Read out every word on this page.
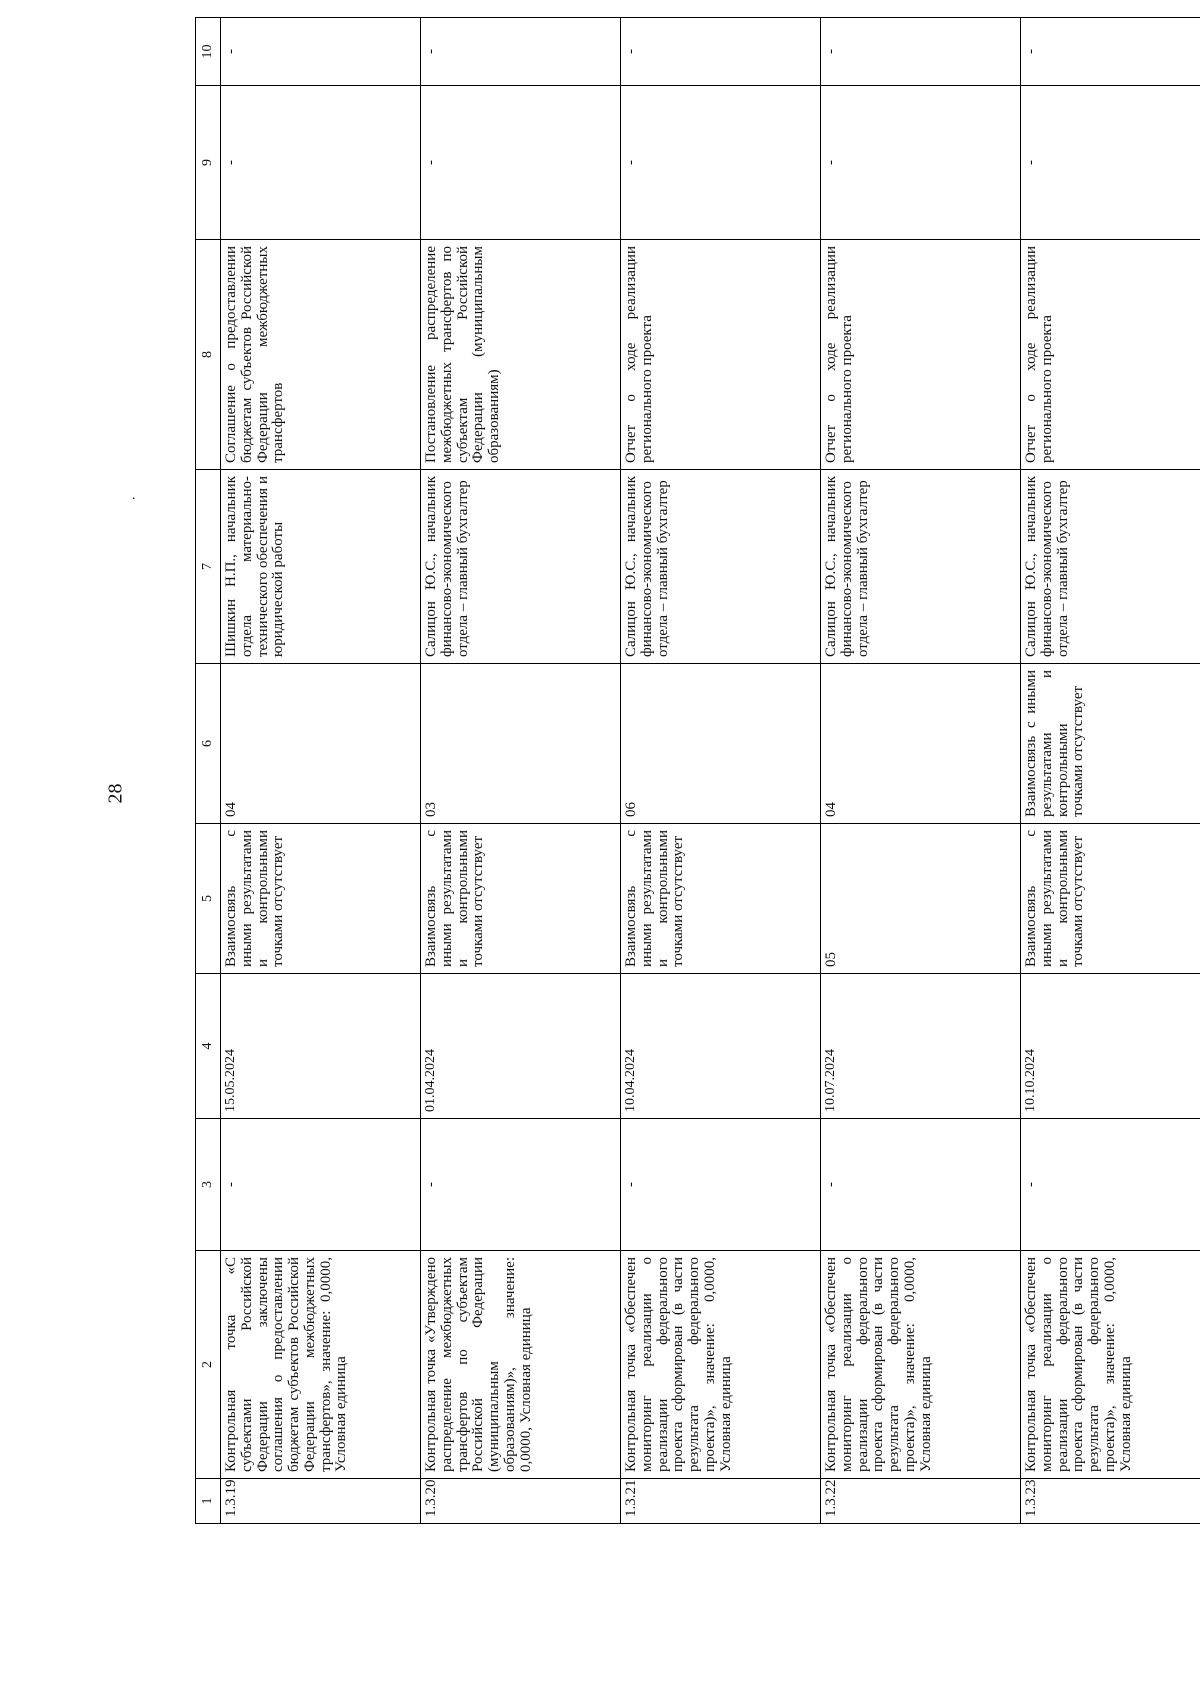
28
.
1	2	3	4	5	6	7	8	9	10
1.3.19	Контрольная точка «С субъектами Российской Федерации заключены соглашения о предоставлении бюджетам субъектов Российской Федерации межбюджетных трансфертов», значение: 0,0000, Условная единица	-	15.05.2024	Взаимосвязь с иными результатами и контрольными точками отсутствует	04	Шишкин Н.П., начальник отдела материально-технического обеспечения и юридической работы	Соглашение о предоставлении бюджетам субъектов Российской Федерации межбюджетных трансфертов	-	-
1.3.20	Контрольная точка «Утверждено распределение межбюджетных трансфертов по субъектам Российской Федерации (муниципальным образованиям)», значение: 0,0000, Условная единица	-	01.04.2024	Взаимосвязь с иными результатами и контрольными точками отсутствует	03	Салицон Ю.С., начальник финансово-экономического отдела – главный бухгалтер	Постановление распределение межбюджетных трансфертов по субъектам Российской Федерации (муниципальным образованиям)	-	-
1.3.21	Контрольная точка «Обеспечен мониторинг реализации о реализации федерального проекта сформирован (в части результата федерального проекта)», значение: 0,0000, Условная единица	-	10.04.2024	Взаимосвязь с иными результатами и контрольными точками отсутствует	06	Салицон Ю.С., начальник финансово-экономического отдела – главный бухгалтер	Отчет о ходе реализации регионального проекта	-	-
1.3.22	Контрольная точка «Обеспечен мониторинг реализации о реализации федерального проекта сформирован (в части результата федерального проекта)», значение: 0,0000, Условная единица	-	10.07.2024	05	04	Салицон Ю.С., начальник финансово-экономического отдела – главный бухгалтер	Отчет о ходе реализации регионального проекта	-	-
1.3.23	Контрольная точка «Обеспечен мониторинг реализации о реализации федерального проекта сформирован (в части результата федерального проекта)», значение: 0,0000, Условная единица	-	10.10.2024	Взаимосвязь с иными результатами и контрольными точками отсутствует	Взаимосвязь с иными результатами и контрольными точками отсутствует	Салицон Ю.С., начальник финансово-экономического отдела – главный бухгалтер	Отчет о ходе реализации регионального проекта	-	-
